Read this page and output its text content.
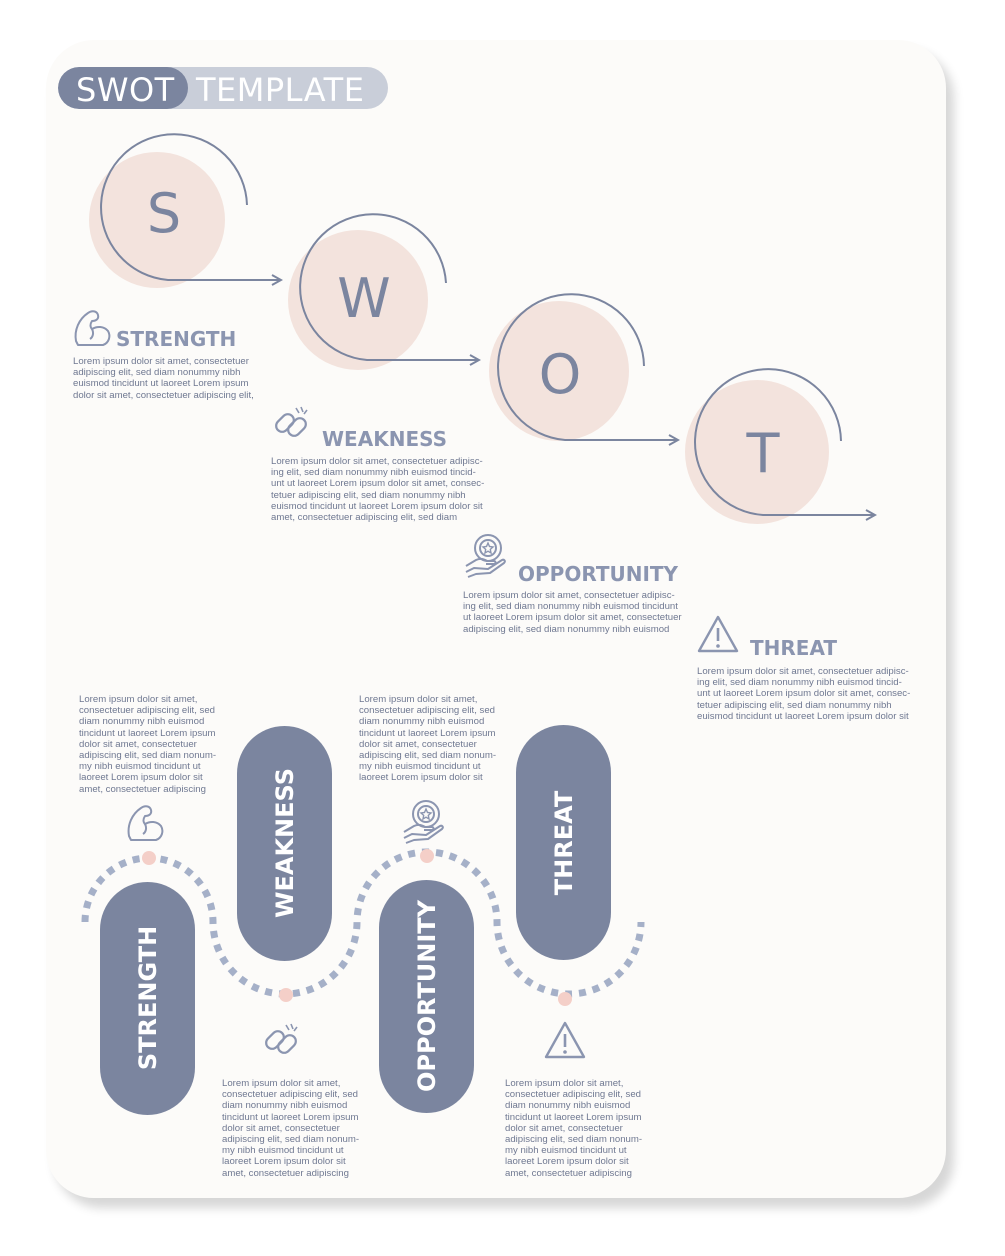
SWOT TEMPLATE
S
W
O
T
STRENGTH
WEAKNESS
OPPORTUNITY
THREAT
STRENGTH
Lorem ipsum dolor sit amet, consectetuer
adipiscing elit, sed diam nonummy nibh
euismod tincidunt ut laoreet Lorem ipsum
dolor sit amet, consectetuer adipiscing elit,
WEAKNESS
Lorem ipsum dolor sit amet, consectetuer adipisc-
ing elit, sed diam nonummy nibh euismod tincid-
unt ut laoreet Lorem ipsum dolor sit amet, consec-
tetuer adipiscing elit, sed diam nonummy nibh
euismod tincidunt ut laoreet Lorem ipsum dolor sit
amet, consectetuer adipiscing elit, sed diam
OPPORTUNITY
Lorem ipsum dolor sit amet, consectetuer adipisc-
ing elit, sed diam nonummy nibh euismod tincidunt
ut laoreet Lorem ipsum dolor sit amet, consectetuer
adipiscing elit, sed diam nonummy nibh euismod
THREAT
Lorem ipsum dolor sit amet, consectetuer adipisc-
ing elit, sed diam nonummy nibh euismod tincid-
unt ut laoreet Lorem ipsum dolor sit amet, consec-
tetuer adipiscing elit, sed diam nonummy nibh
euismod tincidunt ut laoreet Lorem ipsum dolor sit
Lorem ipsum dolor sit amet,
consectetuer adipiscing elit, sed
diam nonummy nibh euismod
tincidunt ut laoreet Lorem ipsum
dolor sit amet, consectetuer
adipiscing elit, sed diam nonum-
my nibh euismod tincidunt ut
laoreet Lorem ipsum dolor sit
amet, consectetuer adipiscing
Lorem ipsum dolor sit amet,
consectetuer adipiscing elit, sed
diam nonummy nibh euismod
tincidunt ut laoreet Lorem ipsum
dolor sit amet, consectetuer
adipiscing elit, sed diam nonum-
my nibh euismod tincidunt ut
laoreet Lorem ipsum dolor sit
Lorem ipsum dolor sit amet,
consectetuer adipiscing elit, sed
diam nonummy nibh euismod
tincidunt ut laoreet Lorem ipsum
dolor sit amet, consectetuer
adipiscing elit, sed diam nonum-
my nibh euismod tincidunt ut
laoreet Lorem ipsum dolor sit
amet, consectetuer adipiscing
Lorem ipsum dolor sit amet,
consectetuer adipiscing elit, sed
diam nonummy nibh euismod
tincidunt ut laoreet Lorem ipsum
dolor sit amet, consectetuer
adipiscing elit, sed diam nonum-
my nibh euismod tincidunt ut
laoreet Lorem ipsum dolor sit
amet, consectetuer adipiscing
